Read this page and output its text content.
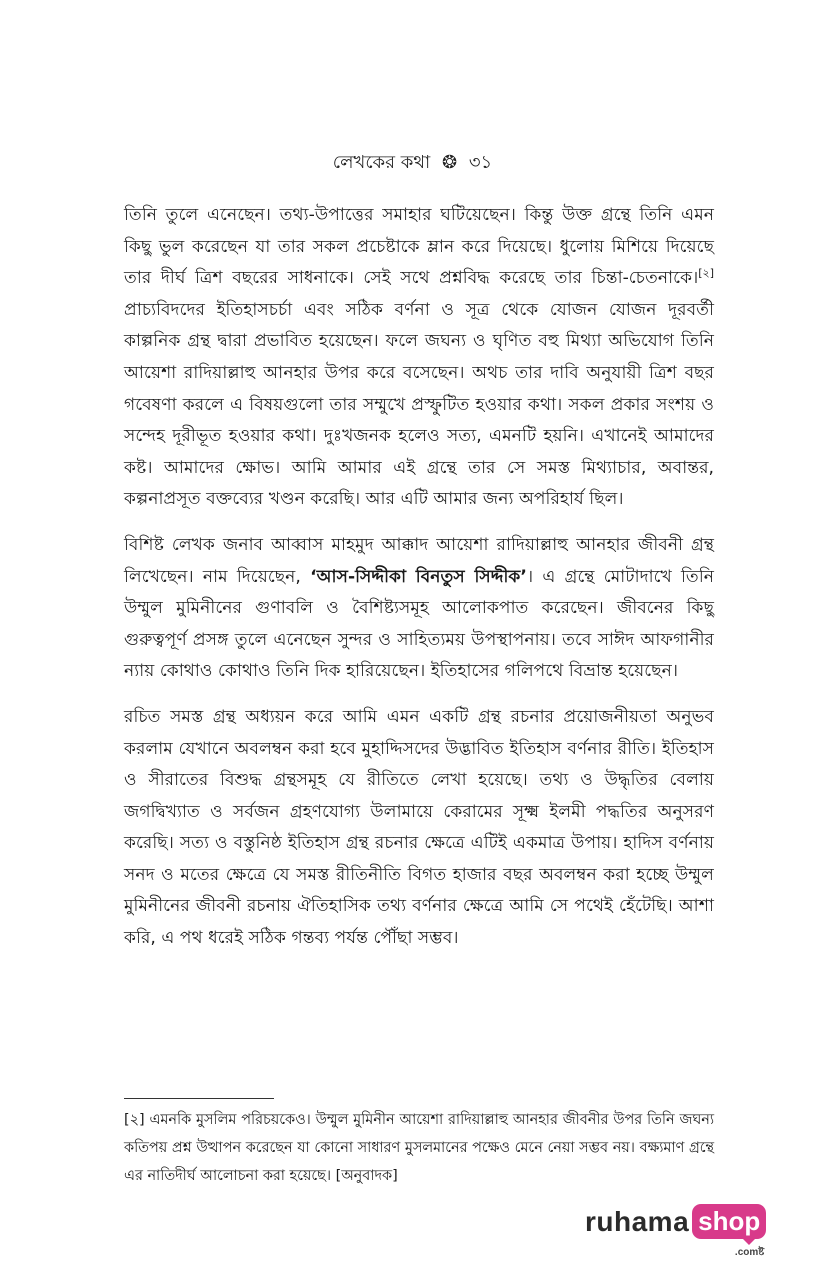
লেখকের কথা ❂ ৩১

তিনি তুলে এনেছেন। তথ্য-উপাত্তের সমাহার ঘটিয়েছেন। কিন্তু উক্ত গ্রন্থে তিনি এমন কিছু ভুল করেছেন যা তার সকল প্রচেষ্টাকে ম্লান করে দিয়েছে। ধুলোয় মিশিয়ে দিয়েছে তার দীর্ঘ ত্রিশ বছরের সাধনাকে। সেই সথে প্রশ্নবিদ্ধ করেছে তার চিন্তা-চেতনাকে।[২] প্রাচ্যবিদদের ইতিহাসচর্চা এবং সঠিক বর্ণনা ও সূত্র থেকে যোজন যোজন দূরবর্তী কাল্পনিক গ্রন্থ দ্বারা প্রভাবিত হয়েছেন। ফলে জঘন্য ও ঘৃণিত বহু মিথ্যা অভিযোগ তিনি আয়েশা রাদিয়াল্লাহু আনহার উপর করে বসেছেন। অথচ তার দাবি অনুযায়ী ত্রিশ বছর গবেষণা করলে এ বিষয়গুলো তার সম্মুখে প্রস্ফুটিত হওয়ার কথা। সকল প্রকার সংশয় ও সন্দেহ দূরীভূত হওয়ার কথা। দুঃখজনক হলেও সত্য, এমনটি হয়নি। এখানেই আমাদের কষ্ট। আমাদের ক্ষোভ। আমি আমার এই গ্রন্থে তার সে সমস্ত মিথ্যাচার, অবান্তর, কল্পনাপ্রসূত বক্তব্যের খণ্ডন করেছি। আর এটি আমার জন্য অপরিহার্য ছিল।

বিশিষ্ট লেখক জনাব আব্বাস মাহমুদ আক্কাদ আয়েশা রাদিয়াল্লাহু আনহার জীবনী গ্রন্থ লিখেছেন। নাম দিয়েছেন, ‘আস-সিদ্দীকা বিনতুস সিদ্দীক’। এ গ্রন্থে মোটাদাখে তিনি উম্মুল মুমিনীনের গুণাবলি ও বৈশিষ্ট্যসমূহ আলোকপাত করেছেন। জীবনের কিছু গুরুত্বপূর্ণ প্রসঙ্গ তুলে এনেছেন সুন্দর ও সাহিত্যময় উপস্থাপনায়। তবে সাঈদ আফগানীর ন্যায় কোথাও কোথাও তিনি দিক হারিয়েছেন। ইতিহাসের গলিপথে বিভ্রান্ত হয়েছেন।

রচিত সমস্ত গ্রন্থ অধ্যয়ন করে আমি এমন একটি গ্রন্থ রচনার প্রয়োজনীয়তা অনুভব করলাম যেখানে অবলম্বন করা হবে মুহাদ্দিসদের উদ্ভাবিত ইতিহাস বর্ণনার রীতি। ইতিহাস ও সীরাতের বিশুদ্ধ গ্রন্থসমূহ যে রীতিতে লেখা হয়েছে। তথ্য ও উদ্ধৃতির বেলায় জগদ্বিখ্যাত ও সর্বজন গ্রহণযোগ্য উলামায়ে কেরামের সূক্ষ্ম ইলমী পদ্ধতির অনুসরণ করেছি। সত্য ও বস্তুনিষ্ঠ ইতিহাস গ্রন্থ রচনার ক্ষেত্রে এটিই একমাত্র উপায়। হাদিস বর্ণনায় সনদ ও মতের ক্ষেত্রে যে সমস্ত রীতিনীতি বিগত হাজার বছর অবলম্বন করা হচ্ছে উম্মুল মুমিনীনের জীবনী রচনায় ঐতিহাসিক তথ্য বর্ণনার ক্ষেত্রে আমি সে পথেই হেঁটেছি। আশা করি, এ পথ ধরেই সঠিক গন্তব্য পর্যন্ত পৌঁছা সম্ভব।

[২] এমনকি মুসলিম পরিচয়কেও। উম্মুল মুমিনীন আয়েশা রাদিয়াল্লাহু আনহার জীবনীর উপর তিনি জঘন্য কতিপয় প্রশ্ন উত্থাপন করেছেন যা কোনো সাধারণ মুসলমানের পক্ষেও মেনে নেয়া সম্ভব নয়। বক্ষ্যমাণ গ্রন্থে এর নাতিদীর্ঘ আলোচনা করা হয়েছে। [অনুবাদক]

ruhama shop
.comষ্ট
